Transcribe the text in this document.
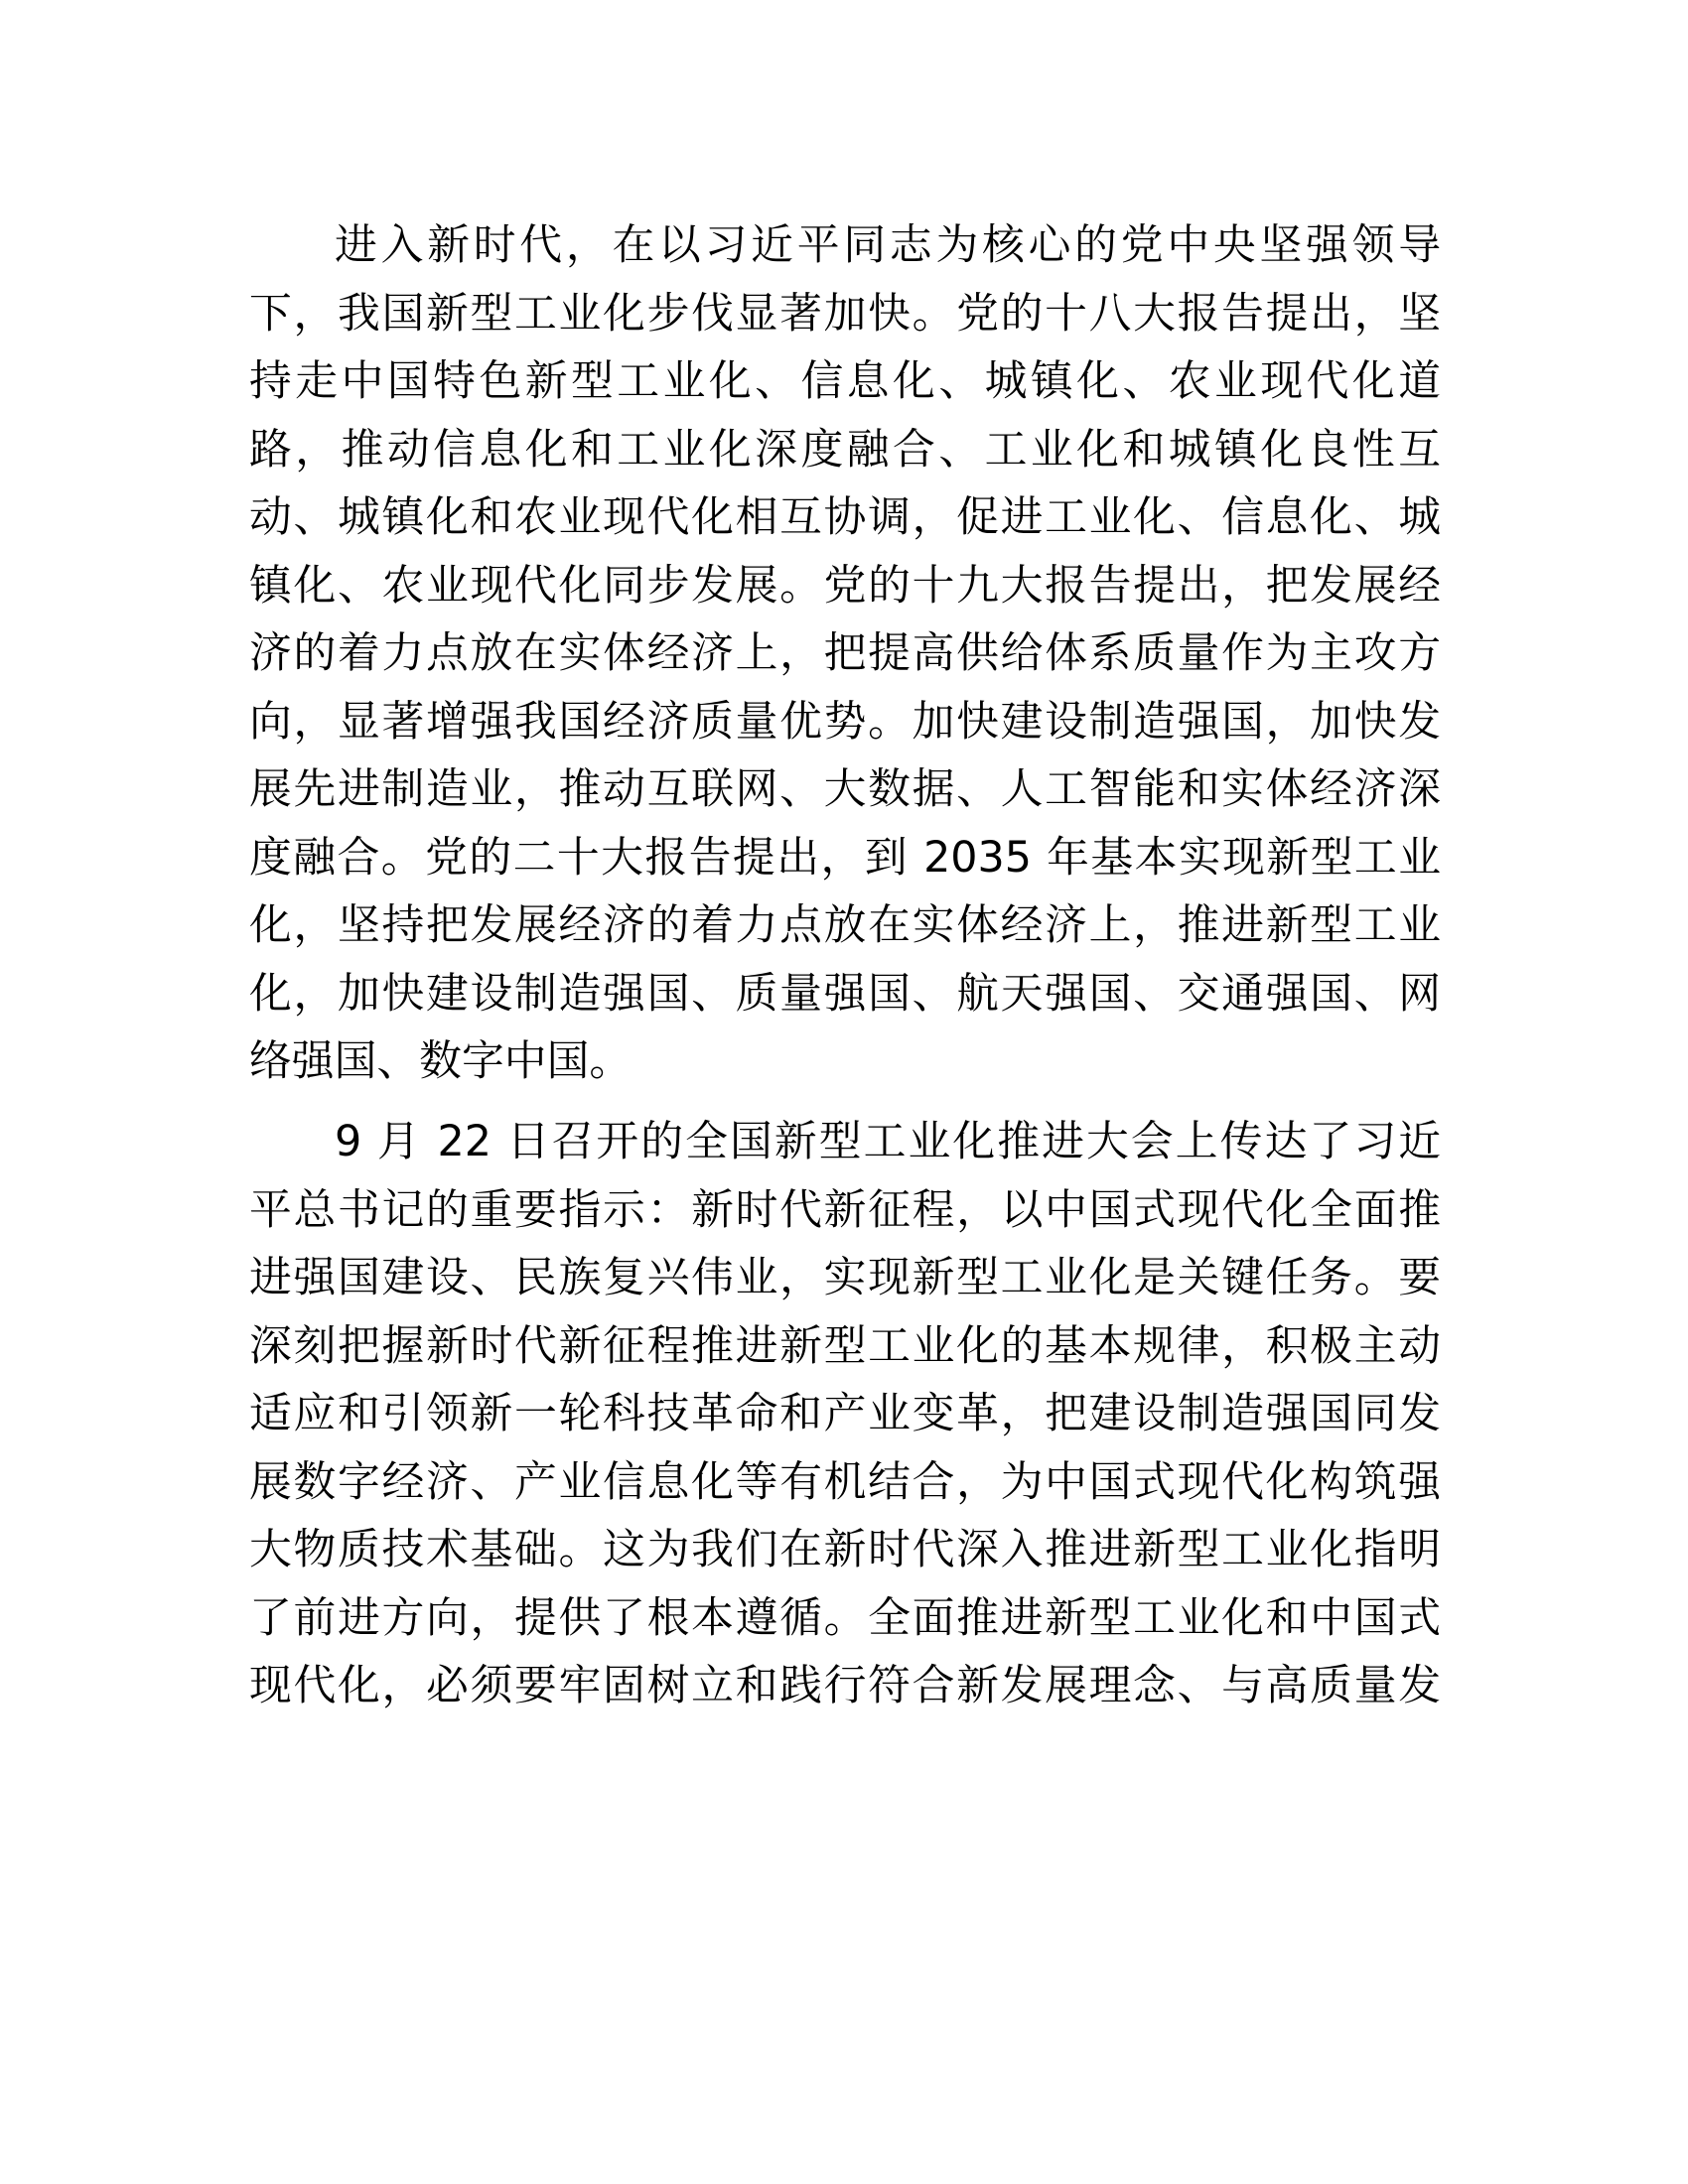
进入新时代，在以习近平同志为核心的党中央坚强领导
下，我国新型工业化步伐显著加快。党的十八大报告提出，坚
持走中国特色新型工业化、信息化、城镇化、农业现代化道
路，推动信息化和工业化深度融合、工业化和城镇化良性互
动、城镇化和农业现代化相互协调，促进工业化、信息化、城
镇化、农业现代化同步发展。党的十九大报告提出，把发展经
济的着力点放在实体经济上，把提高供给体系质量作为主攻方
向，显著增强我国经济质量优势。加快建设制造强国，加快发
展先进制造业，推动互联网、大数据、人工智能和实体经济深
度融合。党的二十大报告提出，到 2035 年基本实现新型工业
化，坚持把发展经济的着力点放在实体经济上，推进新型工业
化，加快建设制造强国、质量强国、航天强国、交通强国、网
络强国、数字中国。
9 月 22 日召开的全国新型工业化推进大会上传达了习近
平总书记的重要指示：新时代新征程，以中国式现代化全面推
进强国建设、民族复兴伟业，实现新型工业化是关键任务。要
深刻把握新时代新征程推进新型工业化的基本规律，积极主动
适应和引领新一轮科技革命和产业变革，把建设制造强国同发
展数字经济、产业信息化等有机结合，为中国式现代化构筑强
大物质技术基础。这为我们在新时代深入推进新型工业化指明
了前进方向，提供了根本遵循。全面推进新型工业化和中国式
现代化，必须要牢固树立和践行符合新发展理念、与高质量发
